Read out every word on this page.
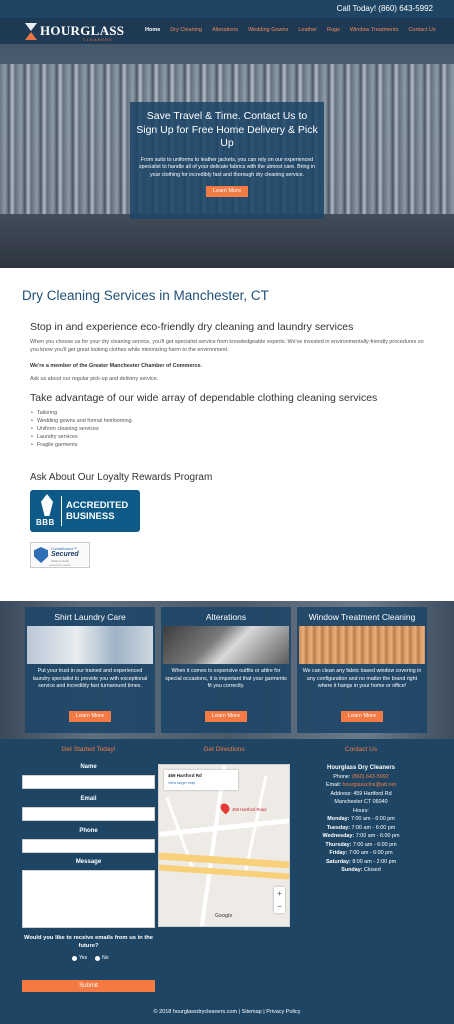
Call Today! (860) 643-5992
HOURGLASS
CLEANERS
Home Dry Cleaning Alterations Wedding Gowns Leather Rugs Window Treatments Contact Us
Save Travel & Time. Contact Us to Sign Up for Free Home Delivery & Pick Up
From suits to uniforms to leather jackets, you can rely on our experienced specialist to handle all of your delicate fabrics with the utmost care. Bring in your clothing for incredibly fast and thorough dry cleaning service.
Learn More
Dry Cleaning Services in Manchester, CT
Stop in and experience eco-friendly dry cleaning and laundry services
When you choose us for your dry cleaning service, you'll get specialist service from knowledgeable experts. We've invested in environmentally-friendly procedures so you know you'll get great looking clothes while minimizing harm to the environment.
We're a member of the Greater Manchester Chamber of Commerce.
Ask us about our regular pick-up and delivery service.
Take advantage of our wide array of dependable clothing cleaning services
• Tailoring
• Wedding gowns and formal heirlooming
• Uniform cleaning services
• Laundry services
• Fragile garments
Ask About Our Loyalty Rewards Program
BBB
ACCREDITED
BUSINESS
CompliAssure™
Secured
Click to Verify
powered by Aperia
Shirt Laundry Care
Put your trust in our trained and experienced laundry specialist to provide you with exceptional service and incredibly fast turnaround times.
Learn More
Alterations
When it comes to expensive outfits or attire for special occasions, it is important that your garments fit you correctly.
Learn More
Window Treatment Cleaning
We can clean any fabric based window covering in any configuration and no matter the brand right where it hangs in your home or office!
Learn More
Get Started Today!	Get Directions	Contact Us
Name
Email
Phone
Message
Would you like to receive emails from us in the future?
Yes	No
Submit
459 Hartford Rd
View larger map
459 Hartford Road
+
−
Google
Hourglass Dry Cleaners
Phone: (860) 643-5992
Email: hourglassclns@att.net
Address: 459 Hartford Rd
Manchester CT 06040
Hours:
Monday: 7:00 am - 6:00 pm
Tuesday: 7:00 am - 6:00 pm
Wednesday: 7:00 am - 6:00 pm
Thursday: 7:00 am - 6:00 pm
Friday: 7:00 am - 6:00 pm
Saturday: 8:00 am - 2:00 pm
Sunday: Closed
© 2018 hourglassdrycleaners.com | Sitemap | Privacy Policy
